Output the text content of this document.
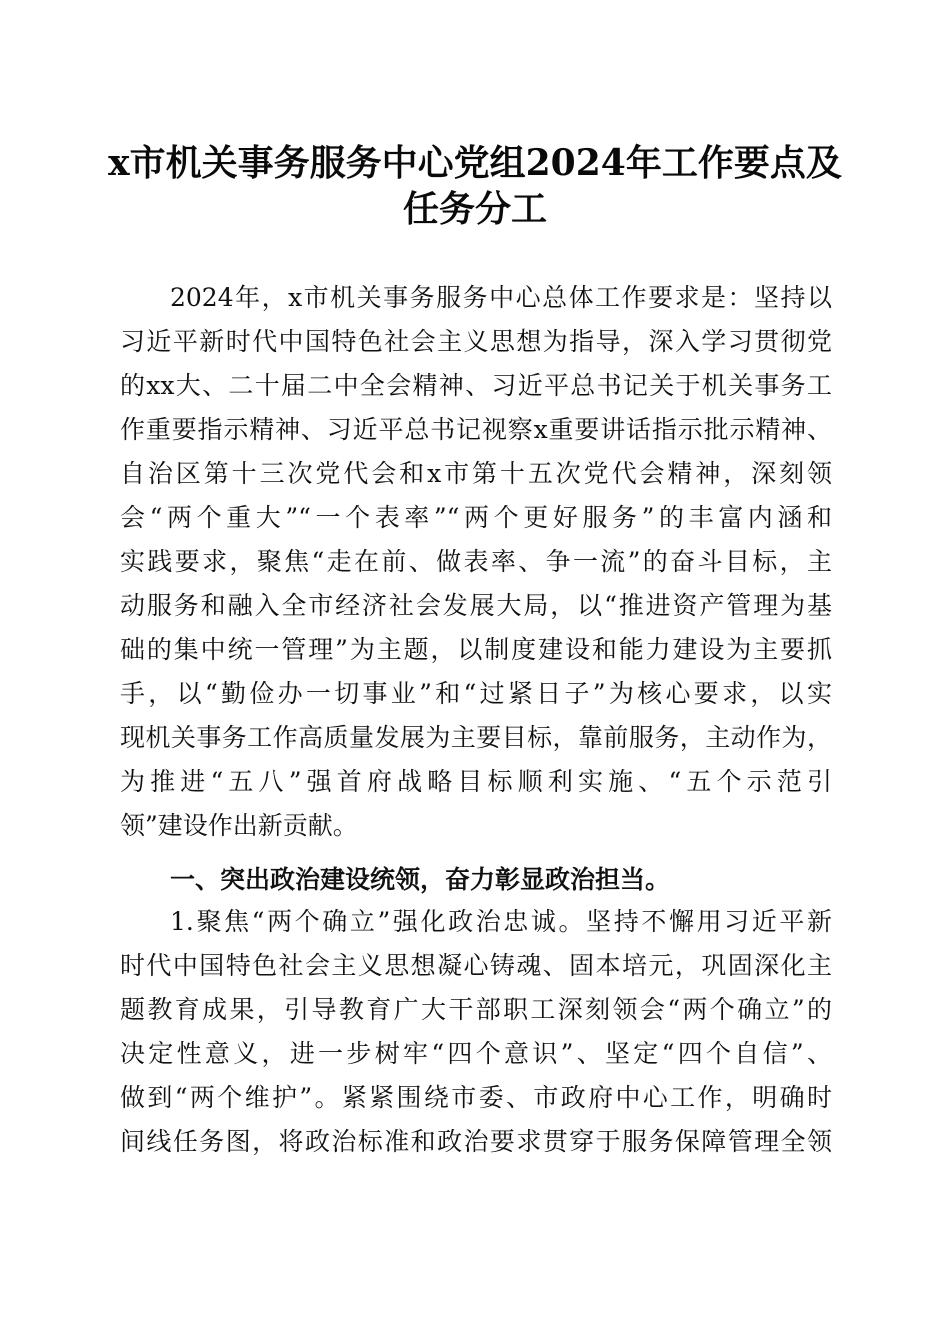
x市机关事务服务中心党组2024年工作要点及
任务分工
2024年，x市机关事务服务中心总体工作要求是：坚持以
习近平新时代中国特色社会主义思想为指导，深入学习贯彻党
的xx大、二十届二中全会精神、习近平总书记关于机关事务工
作重要指示精神、习近平总书记视察x重要讲话指示批示精神、
自治区第十三次党代会和x市第十五次党代会精神，深刻领
会“两个重大”“一个表率”“两个更好服务”的丰富内涵和
实践要求，聚焦“走在前、做表率、争一流”的奋斗目标，主
动服务和融入全市经济社会发展大局，以“推进资产管理为基
础的集中统一管理”为主题，以制度建设和能力建设为主要抓
手，以“勤俭办一切事业”和“过紧日子”为核心要求，以实
现机关事务工作高质量发展为主要目标，靠前服务，主动作为，
为推进“五八”强首府战略目标顺利实施、“五个示范引
领”建设作出新贡献。
一、突出政治建设统领，奋力彰显政治担当。
1.聚焦“两个确立”强化政治忠诚。坚持不懈用习近平新
时代中国特色社会主义思想凝心铸魂、固本培元，巩固深化主
题教育成果，引导教育广大干部职工深刻领会“两个确立”的
决定性意义，进一步树牢“四个意识”、坚定“四个自信”、
做到“两个维护”。紧紧围绕市委、市政府中心工作，明确时
间线任务图，将政治标准和政治要求贯穿于服务保障管理全领
